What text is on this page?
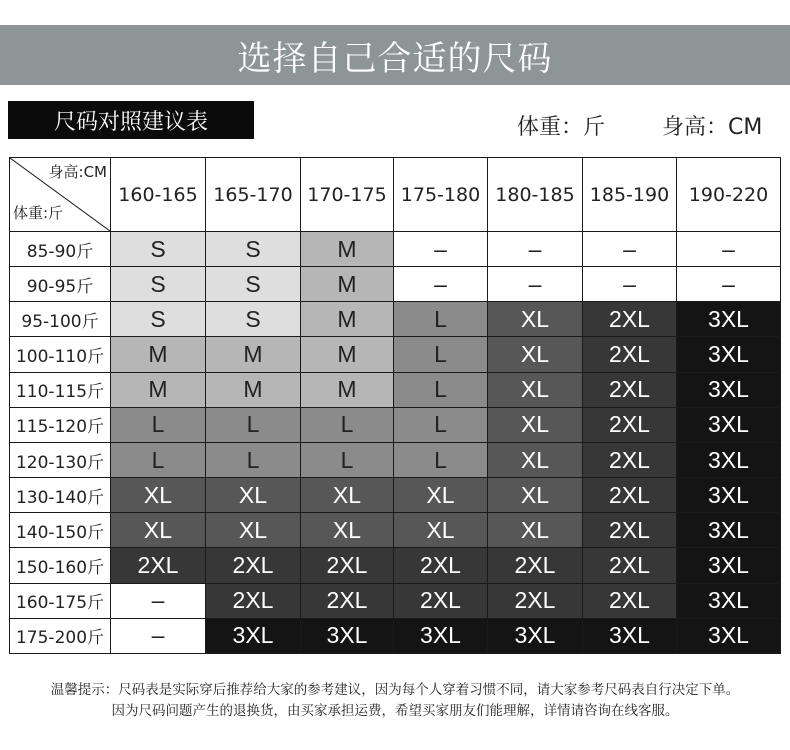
选择自己合适的尺码
尺码对照建议表	体重：斤	身高：CM
身高:CM
体重:斤	160-165	165-170	170-175	175-180	180-185	185-190	190-220
85-90斤	S	S	M	–	–	–	–
90-95斤	S	S	M	–	–	–	–
95-100斤	S	S	M	L	XL	2XL	3XL
100-110斤	M	M	M	L	XL	2XL	3XL
110-115斤	M	M	M	L	XL	2XL	3XL
115-120斤	L	L	L	L	XL	2XL	3XL
120-130斤	L	L	L	L	XL	2XL	3XL
130-140斤	XL	XL	XL	XL	XL	2XL	3XL
140-150斤	XL	XL	XL	XL	XL	2XL	3XL
150-160斤	2XL	2XL	2XL	2XL	2XL	2XL	3XL
160-175斤	–	2XL	2XL	2XL	2XL	2XL	3XL
175-200斤	–	3XL	3XL	3XL	3XL	3XL	3XL
温馨提示：尺码表是实际穿后推荐给大家的参考建议，因为每个人穿着习惯不同，请大家参考尺码表自行决定下单。
因为尺码问题产生的退换货，由买家承担运费，希望买家朋友们能理解，详情请咨询在线客服。
